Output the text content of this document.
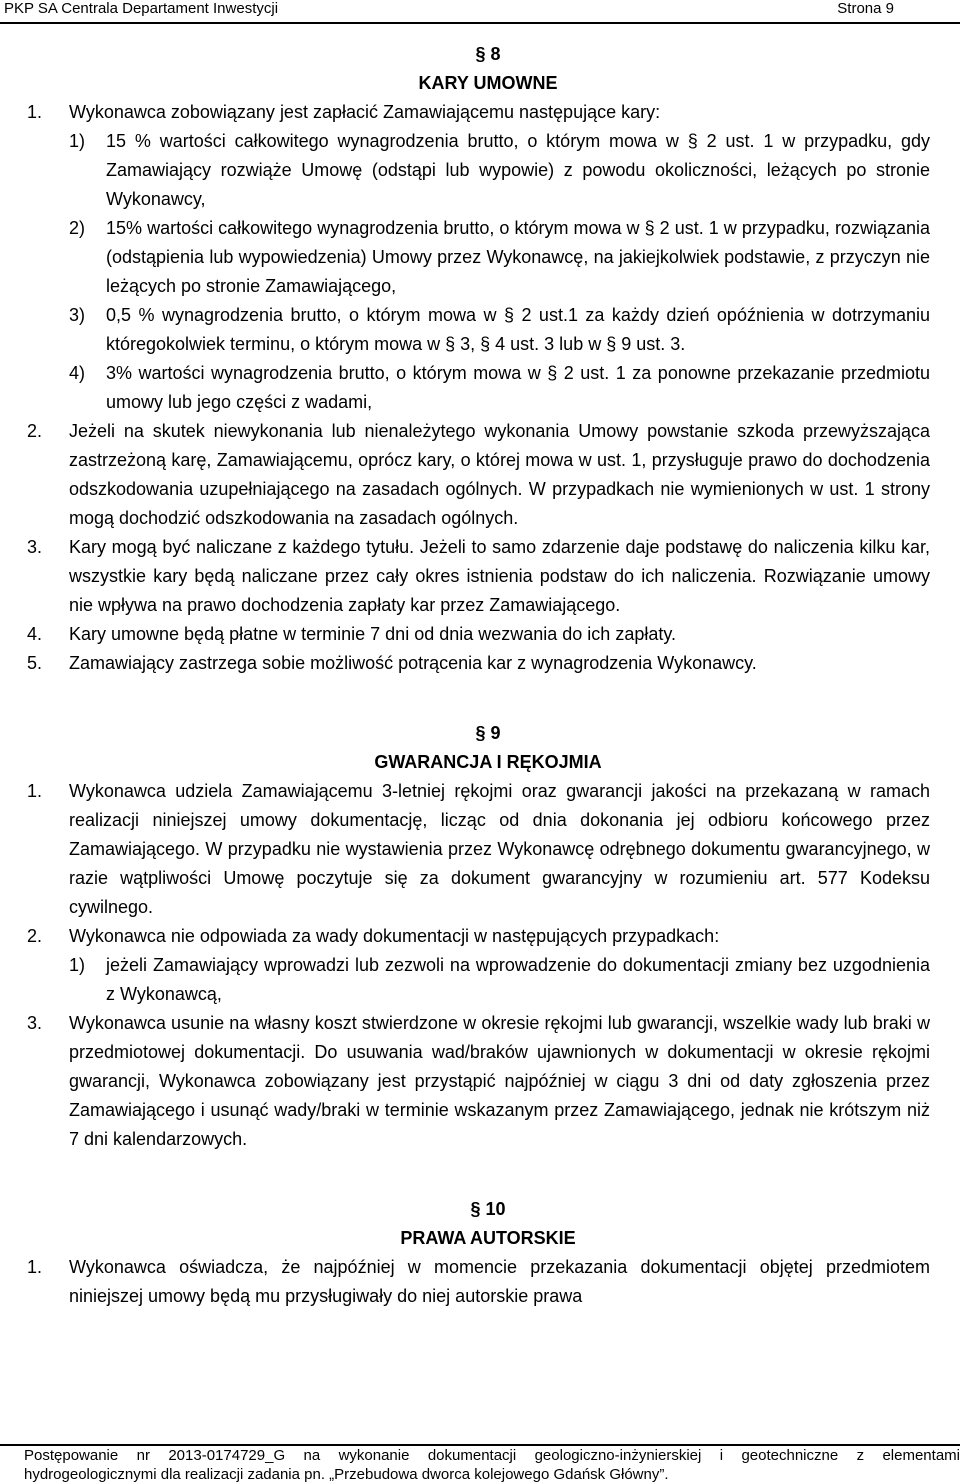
PKP SA Centrala Departament Inwestycji	Strona 9
§ 8
KARY UMOWNE
1. Wykonawca zobowiązany jest zapłacić Zamawiającemu następujące kary:
1) 15 % wartości całkowitego wynagrodzenia brutto, o którym mowa w § 2 ust. 1 w przypadku, gdy Zamawiający rozwiąże Umowę (odstąpi lub wypowie) z powodu okoliczności, leżących po stronie Wykonawcy,
2) 15% wartości całkowitego wynagrodzenia brutto, o którym mowa w § 2 ust. 1 w przypadku, rozwiązania (odstąpienia lub wypowiedzenia) Umowy przez Wykonawcę, na jakiejkolwiek podstawie, z przyczyn nie leżących po stronie Zamawiającego,
3) 0,5 % wynagrodzenia brutto, o którym mowa w § 2 ust.1 za każdy dzień opóźnienia w dotrzymaniu któregokolwiek terminu, o którym mowa w § 3, § 4 ust. 3 lub w § 9 ust. 3.
4) 3% wartości wynagrodzenia brutto, o którym mowa w § 2 ust. 1 za ponowne przekazanie przedmiotu umowy lub jego części z wadami,
2. Jeżeli na skutek niewykonania lub nienależytego wykonania Umowy powstanie szkoda przewyższająca zastrzeżoną karę, Zamawiającemu, oprócz kary, o której mowa w ust. 1, przysługuje prawo do dochodzenia odszkodowania uzupełniającego na zasadach ogólnych. W przypadkach nie wymienionych w ust. 1 strony mogą dochodzić odszkodowania na zasadach ogólnych.
3. Kary mogą być naliczane z każdego tytułu. Jeżeli to samo zdarzenie daje podstawę do naliczenia kilku kar, wszystkie kary będą naliczane przez cały okres istnienia podstaw do ich naliczenia. Rozwiązanie umowy nie wpływa na prawo dochodzenia zapłaty kar przez Zamawiającego.
4. Kary umowne będą płatne w terminie 7 dni od dnia wezwania do ich zapłaty.
5. Zamawiający zastrzega sobie możliwość potrącenia kar z wynagrodzenia Wykonawcy.
§ 9
GWARANCJA I RĘKOJMIA
1. Wykonawca udziela Zamawiającemu 3-letniej rękojmi oraz gwarancji jakości na przekazaną w ramach realizacji niniejszej umowy dokumentację, licząc od dnia dokonania jej odbioru końcowego przez Zamawiającego. W przypadku nie wystawienia przez Wykonawcę odrębnego dokumentu gwarancyjnego, w razie wątpliwości Umowę poczytuje się za dokument gwarancyjny w rozumieniu art. 577 Kodeksu cywilnego.
2. Wykonawca nie odpowiada za wady dokumentacji w następujących przypadkach:
1) jeżeli Zamawiający wprowadzi lub zezwoli na wprowadzenie do dokumentacji zmiany bez uzgodnienia z Wykonawcą,
3. Wykonawca usunie na własny koszt stwierdzone w okresie rękojmi lub gwarancji, wszelkie wady lub braki w przedmiotowej dokumentacji. Do usuwania wad/braków ujawnionych w dokumentacji w okresie rękojmi gwarancji, Wykonawca zobowiązany jest przystąpić najpóźniej w ciągu 3 dni od daty zgłoszenia przez Zamawiającego i usunąć wady/braki w terminie wskazanym przez Zamawiającego, jednak nie krótszym niż 7 dni kalendarzowych.
§ 10
PRAWA AUTORSKIE
1. Wykonawca oświadcza, że najpóźniej w momencie przekazania dokumentacji objętej przedmiotem niniejszej umowy będą mu przysługiwały do niej autorskie prawa
Postępowanie nr 2013-0174729_G na wykonanie dokumentacji geologiczno-inżynierskiej i geotechniczne z elementami
hydrogeologicznymi dla realizacji zadania pn. „Przebudowa dworca kolejowego Gdańsk Główny”.
